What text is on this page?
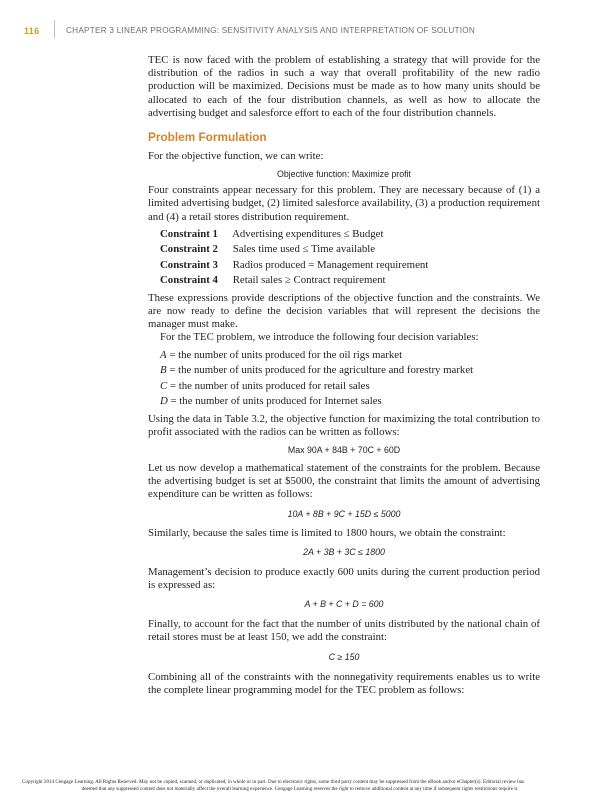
116	CHAPTER 3 LINEAR PROGRAMMING: SENSITIVITY ANALYSIS AND INTERPRETATION OF SOLUTION

TEC is now faced with the problem of establishing a strategy that will provide for the distribution of the radios in such a way that overall profitability of the new radio production will be maximized. Decisions must be made as to how many units should be allocated to each of the four distribution channels, as well as how to allocate the advertising budget and salesforce effort to each of the four distribution channels.

Problem Formulation

For the objective function, we can write:

Objective function: Maximize profit

Four constraints appear necessary for this problem. They are necessary because of (1) a limited advertising budget, (2) limited salesforce availability, (3) a production requirement and (4) a retail stores distribution requirement.

Constraint 1 Advertising expenditures ≤ Budget
Constraint 2 Sales time used ≤ Time available
Constraint 3 Radios produced = Management requirement
Constraint 4 Retail sales ≥ Contract requirement

These expressions provide descriptions of the objective function and the constraints. We are now ready to define the decision variables that will represent the decisions the manager must make.

For the TEC problem, we introduce the following four decision variables:

A = the number of units produced for the oil rigs market
B = the number of units produced for the agriculture and forestry market
C = the number of units produced for retail sales
D = the number of units produced for Internet sales

Using the data in Table 3.2, the objective function for maximizing the total contribution to profit associated with the radios can be written as follows:

Max 90A + 84B + 70C + 60D

Let us now develop a mathematical statement of the constraints for the problem. Because the advertising budget is set at $5000, the constraint that limits the amount of advertising expenditure can be written as follows:

10A + 8B + 9C + 15D ≤ 5000

Similarly, because the sales time is limited to 1800 hours, we obtain the constraint:

2A + 3B + 3C ≤ 1800

Management’s decision to produce exactly 600 units during the current production period is expressed as:

A + B + C + D = 600

Finally, to account for the fact that the number of units distributed by the national chain of retail stores must be at least 150, we add the constraint:

C ≥ 150

Combining all of the constraints with the nonnegativity requirements enables us to write the complete linear programming model for the TEC problem as follows:

Copyright 2014 Cengage Learning. All Rights Reserved. May not be copied, scanned, or duplicated, in whole or in part. Due to electronic rights, some third party content may be suppressed from the eBook and/or eChapter(s). Editorial review has
deemed that any suppressed content does not materially affect the overall learning experience. Cengage Learning reserves the right to remove additional content at any time if subsequent rights restrictions require it.
